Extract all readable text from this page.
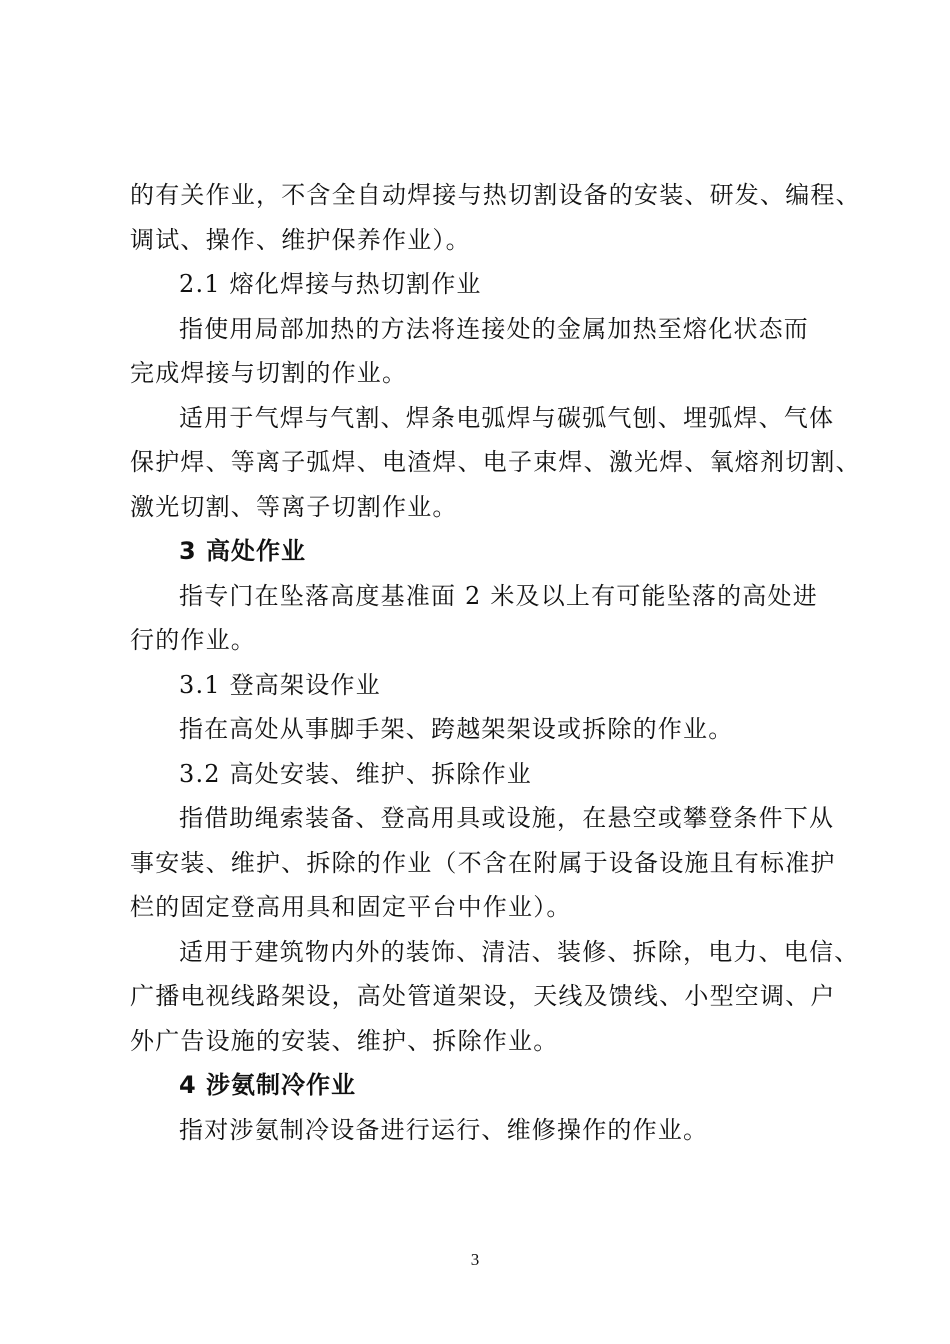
的有关作业，不含全自动焊接与热切割设备的安装、研发、编程、
调试、操作、维护保养作业）。
2.1 熔化焊接与热切割作业
指使用局部加热的方法将连接处的金属加热至熔化状态而
完成焊接与切割的作业。
适用于气焊与气割、焊条电弧焊与碳弧气刨、埋弧焊、气体
保护焊、等离子弧焊、电渣焊、电子束焊、激光焊、氧熔剂切割、
激光切割、等离子切割作业。
3 高处作业
指专门在坠落高度基准面 2 米及以上有可能坠落的高处进
行的作业。
3.1 登高架设作业
指在高处从事脚手架、跨越架架设或拆除的作业。
3.2 高处安装、维护、拆除作业
指借助绳索装备、登高用具或设施，在悬空或攀登条件下从
事安装、维护、拆除的作业（不含在附属于设备设施且有标准护
栏的固定登高用具和固定平台中作业）。
适用于建筑物内外的装饰、清洁、装修、拆除，电力、电信、
广播电视线路架设，高处管道架设，天线及馈线、小型空调、户
外广告设施的安装、维护、拆除作业。
4 涉氨制冷作业
指对涉氨制冷设备进行运行、维修操作的作业。
3
